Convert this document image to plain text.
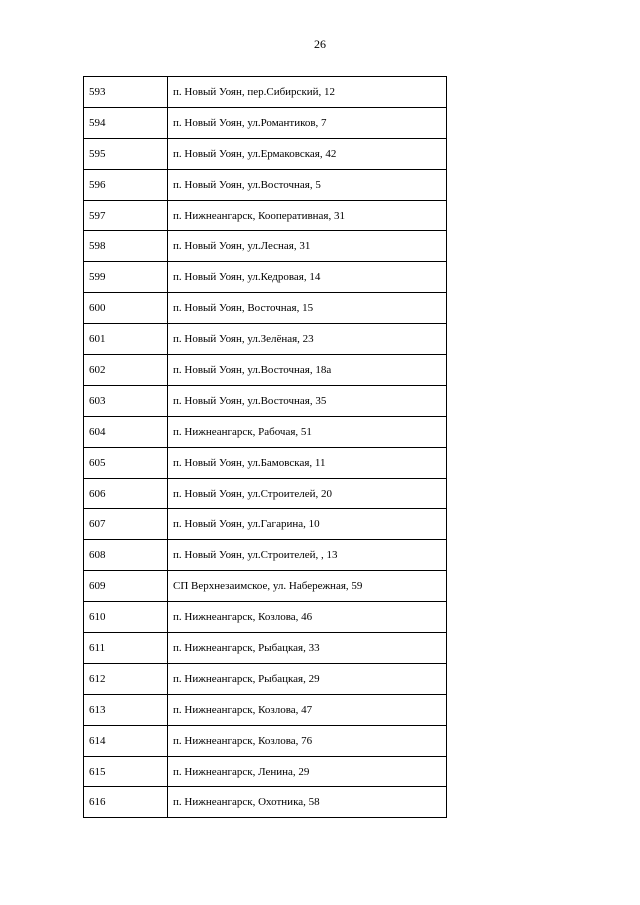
26
593	п. Новый Уоян, пер.Сибирский, 12
594	п. Новый Уоян, ул.Романтиков, 7
595	п. Новый Уоян, ул.Ермаковская, 42
596	п. Новый Уоян, ул.Восточная, 5
597	п. Нижнеангарск, Кооперативная, 31
598	п. Новый Уоян, ул.Лесная, 31
599	п. Новый Уоян, ул.Кедровая, 14
600	п. Новый Уоян, Восточная, 15
601	п. Новый Уоян, ул.Зелёная, 23
602	п. Новый Уоян, ул.Восточная, 18а
603	п. Новый Уоян, ул.Восточная, 35
604	п. Нижнеангарск, Рабочая, 51
605	п. Новый Уоян, ул.Бамовская, 11
606	п. Новый Уоян, ул.Строителей, 20
607	п. Новый Уоян, ул.Гагарина, 10
608	п. Новый Уоян, ул.Строителей, , 13
609	СП Верхнезаимское, ул. Набережная, 59
610	п. Нижнеангарск, Козлова, 46
611	п. Нижнеангарск, Рыбацкая, 33
612	п. Нижнеангарск, Рыбацкая, 29
613	п. Нижнеангарск, Козлова, 47
614	п. Нижнеангарск, Козлова, 76
615	п. Нижнеангарск, Ленина, 29
616	п. Нижнеангарск, Охотника, 58
